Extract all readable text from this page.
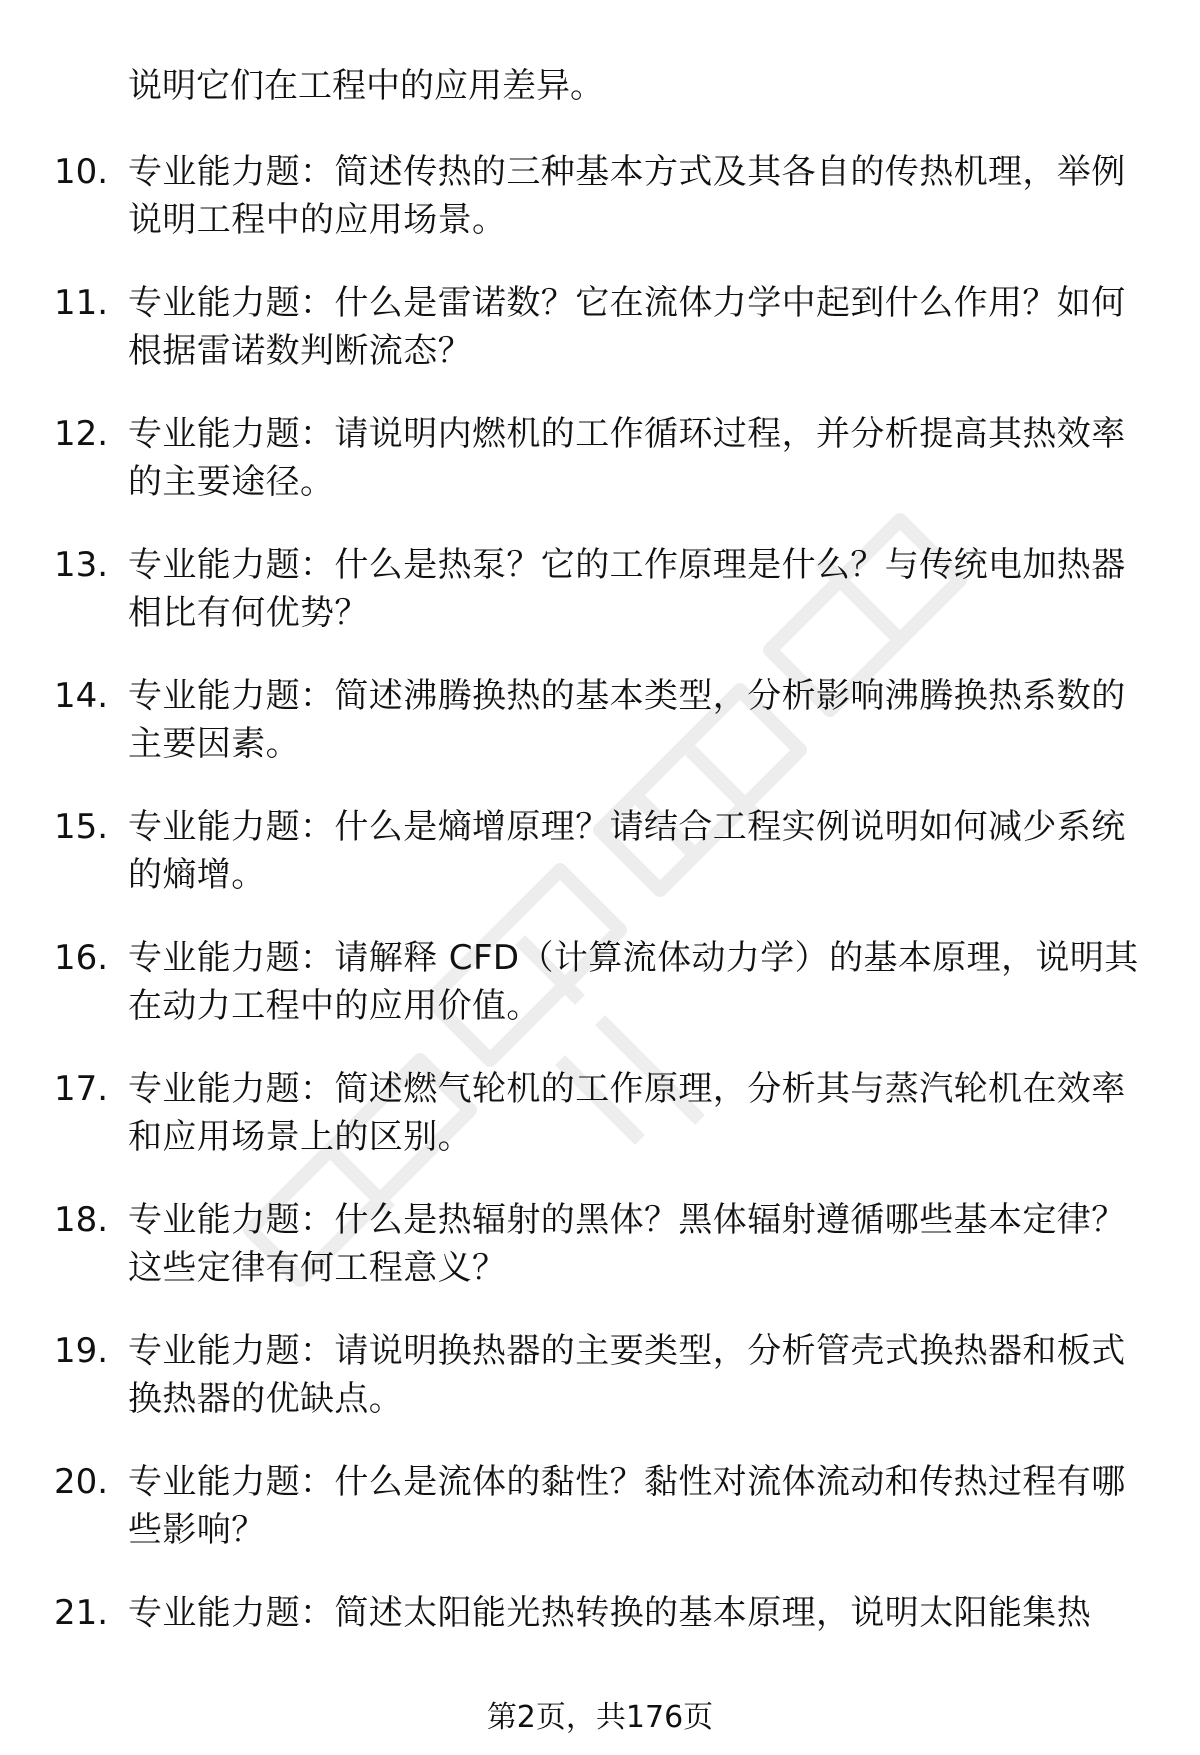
说明它们在工程中的应用差异。
10. 专业能力题：简述传热的三种基本方式及其各自的传热机理，举例说明工程中的应用场景。
11. 专业能力题：什么是雷诺数？它在流体力学中起到什么作用？如何根据雷诺数判断流态？
12. 专业能力题：请说明内燃机的工作循环过程，并分析提高其热效率的主要途径。
13. 专业能力题：什么是热泵？它的工作原理是什么？与传统电加热器相比有何优势？
14. 专业能力题：简述沸腾换热的基本类型，分析影响沸腾换热系数的主要因素。
15. 专业能力题：什么是熵增原理？请结合工程实例说明如何减少系统的熵增。
16. 专业能力题：请解释 CFD（计算流体动力学）的基本原理，说明其在动力工程中的应用价值。
17. 专业能力题：简述燃气轮机的工作原理，分析其与蒸汽轮机在效率和应用场景上的区别。
18. 专业能力题：什么是热辐射的黑体？黑体辐射遵循哪些基本定律？这些定律有何工程意义？
19. 专业能力题：请说明换热器的主要类型，分析管壳式换热器和板式换热器的优缺点。
20. 专业能力题：什么是流体的黏性？黏性对流体流动和传热过程有哪些影响？
21. 专业能力题：简述太阳能光热转换的基本原理，说明太阳能集热
第2页，共176页
